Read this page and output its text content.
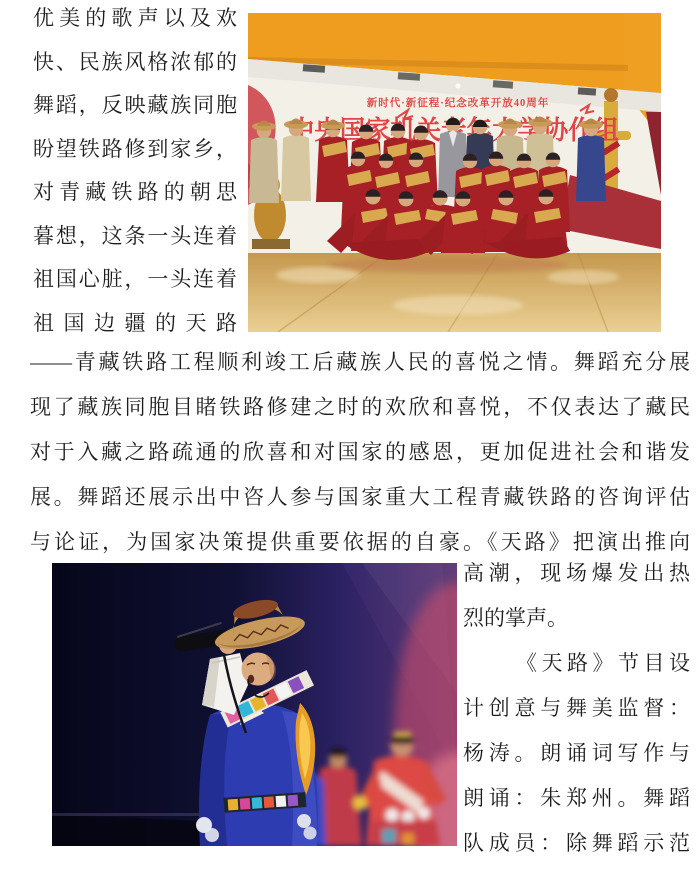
优美的歌声以及欢
快、民族风格浓郁的
舞蹈，反映藏族同胞
盼望铁路修到家乡，
对青藏铁路的朝思
暮想，这条一头连着
祖国心脏，一头连着
祖国边疆的天路
新时代·新征程·纪念改革开放40周年
中央国家机关老年大学协作组
——青藏铁路工程顺利竣工后藏族人民的喜悦之情。舞蹈充分展
现了藏族同胞目睹铁路修建之时的欢欣和喜悦，不仅表达了藏民
对于入藏之路疏通的欣喜和对国家的感恩，更加促进社会和谐发
展。舞蹈还展示出中咨人参与国家重大工程青藏铁路的咨询评估
与论证，为国家决策提供重要依据的自豪。《天路》把演出推向
高潮，现场爆发出热
烈的掌声。
《天路》节目设
计创意与舞美监督：
杨涛。朗诵词写作与
朗诵：朱郑州。舞蹈
队成员：除舞蹈示范
